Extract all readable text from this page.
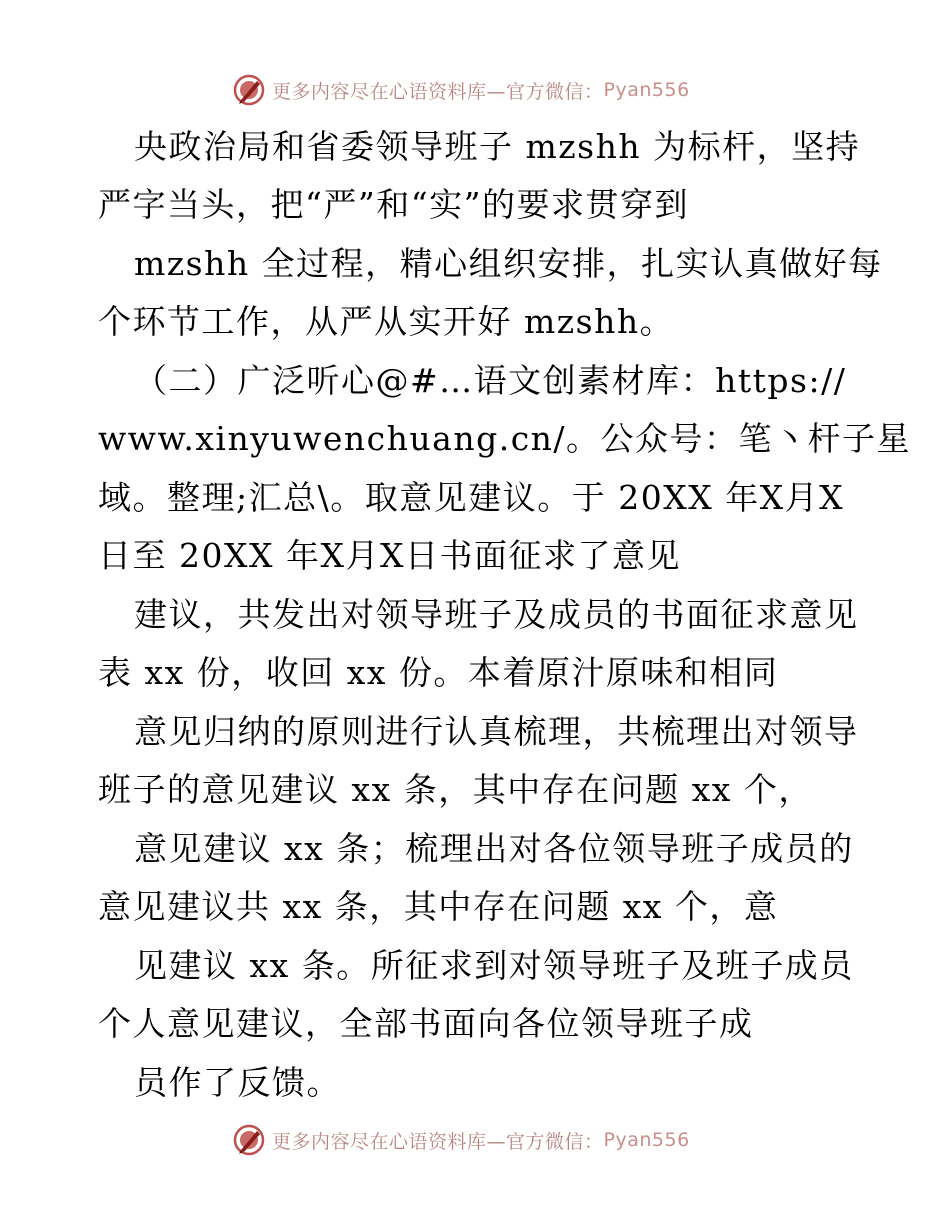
更多内容尽在心语资料库—官方微信： Pyan556
央政治局和省委领导班子 mzshh 为标杆，坚持
严字当头，把“严”和“实”的要求贯穿到
mzshh 全过程，精心组织安排，扎实认真做好每
个环节工作，从严从实开好 mzshh。
（二）广泛听心@#…语文创素材库：https://
www.xinyuwenchuang.cn/。公众号：笔丶杆子星
域。整理;汇总\。取意见建议。于 20XX 年X月X
日至 20XX 年X月X日书面征求了意见
建议，共发出对领导班子及成员的书面征求意见
表 xx 份，收回 xx 份。本着原汁原味和相同
意见归纳的原则进行认真梳理，共梳理出对领导
班子的意见建议 xx 条，其中存在问题 xx 个，
意见建议 xx 条；梳理出对各位领导班子成员的
意见建议共 xx 条，其中存在问题 xx 个，意
见建议 xx 条。所征求到对领导班子及班子成员
个人意见建议，全部书面向各位领导班子成
员作了反馈。
更多内容尽在心语资料库—官方微信： Pyan556
